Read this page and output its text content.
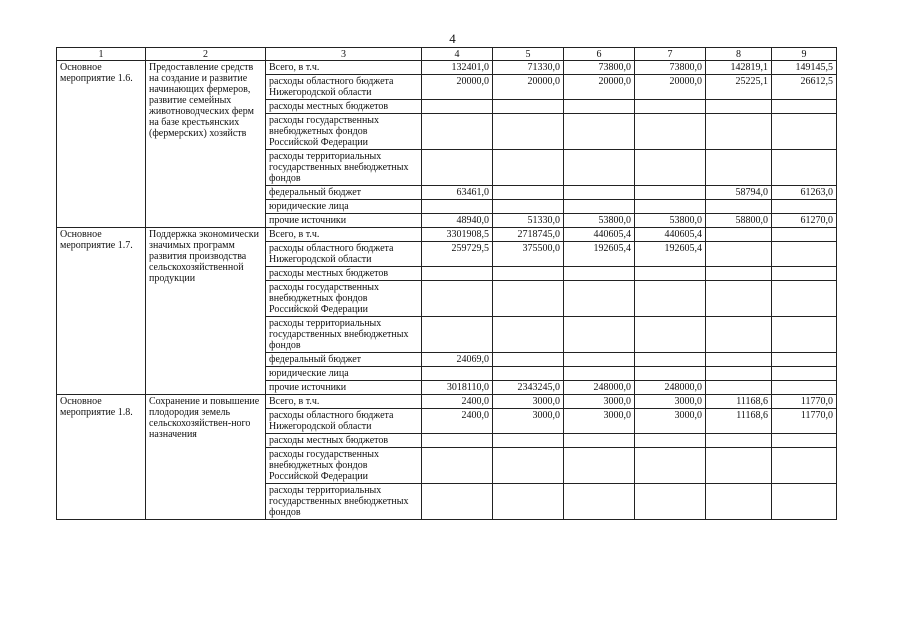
4
1	2	3	4	5	6	7	8	9
Основное мероприятие 1.6.	Предоставление средств на создание и развитие начинающих фермеров, развитие семейных животноводческих ферм на базе крестьянских (фермерских) хозяйств	Всего, в т.ч.	132401,0	71330,0	73800,0	73800,0	142819,1	149145,5
		расходы областного бюджета Нижегородской области	20000,0	20000,0	20000,0	20000,0	25225,1	26612,5
		расходы местных бюджетов						
		расходы государственных внебюджетных фондов Российской Федерации						
		расходы территориальных государственных внебюджетных фондов						
		федеральный бюджет	63461,0				58794,0	61263,0
		юридические лица						
		прочие источники	48940,0	51330,0	53800,0	53800,0	58800,0	61270,0
Основное мероприятие 1.7.	Поддержка экономически значимых программ развития производства сельскохозяйственной продукции	Всего, в т.ч.	3301908,5	2718745,0	440605,4	440605,4		
		расходы областного бюджета Нижегородской области	259729,5	375500,0	192605,4	192605,4		
		расходы местных бюджетов						
		расходы государственных внебюджетных фондов Российской Федерации						
		расходы территориальных государственных внебюджетных фондов						
		федеральный бюджет	24069,0					
		юридические лица						
		прочие источники	3018110,0	2343245,0	248000,0	248000,0		
Основное мероприятие 1.8.	Сохранение и повышение плодородия земель сельскохозяйствен-ного назначения	Всего, в т.ч.	2400,0	3000,0	3000,0	3000,0	11168,6	11770,0
		расходы областного бюджета Нижегородской области	2400,0	3000,0	3000,0	3000,0	11168,6	11770,0
		расходы местных бюджетов						
		расходы государственных внебюджетных фондов Российской Федерации						
		расходы территориальных государственных внебюджетных фондов						
